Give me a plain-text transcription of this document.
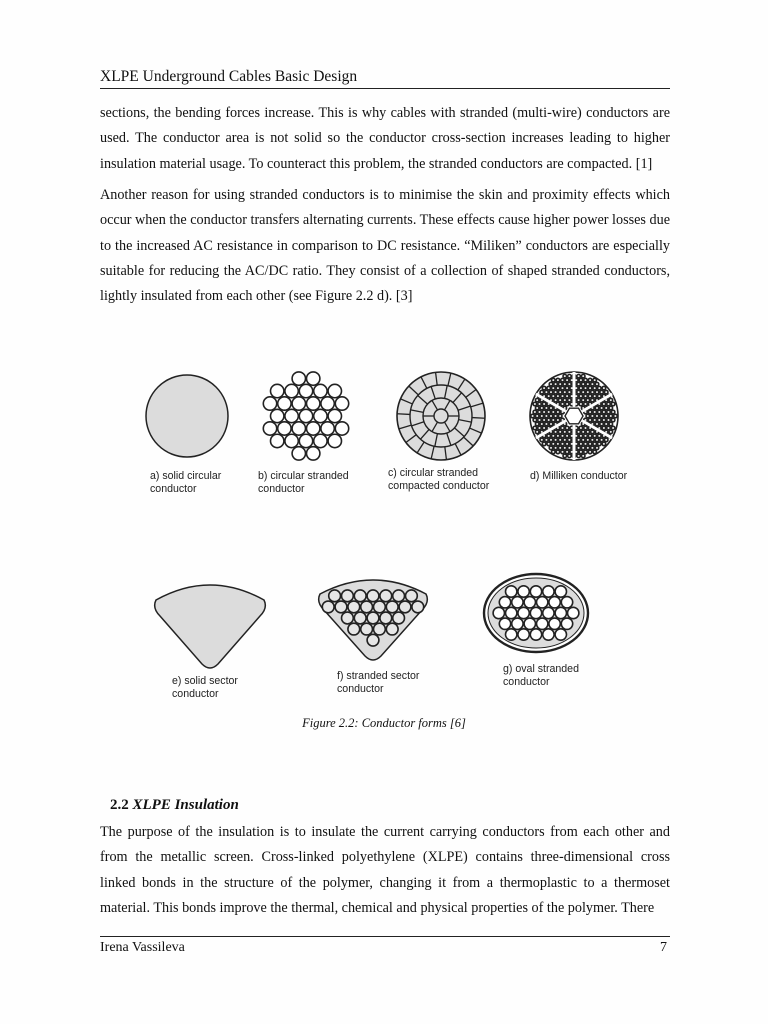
XLPE Underground Cables Basic Design

sections, the bending forces increase. This is why cables with stranded (multi-wire) conductors are used. The conductor area is not solid so the conductor cross-section increases leading to higher insulation material usage. To counteract this problem, the stranded conductors are compacted. [1]

Another reason for using stranded conductors is to minimise the skin and proximity effects which occur when the conductor transfers alternating currents. These effects cause higher power losses due to the increased AC resistance in comparison to DC resistance. “Miliken” conductors are especially suitable for reducing the AC/DC ratio. They consist of a collection of shaped stranded conductors, lightly insulated from each other (see Figure 2.2 d). [3]

a) solid circular
conductor
b) circular stranded
conductor
c) circular stranded
compacted conductor
d) Milliken conductor
e) solid sector
conductor
f) stranded sector
conductor
g) oval stranded
conductor
Figure 2.2: Conductor forms [6]
2.2 XLPE Insulation

The purpose of the insulation is to insulate the current carrying conductors from each other and from the metallic screen. Cross-linked polyethylene (XLPE) contains three-dimensional cross linked bonds in the structure of the polymer, changing it from a thermoplastic to a thermoset material. This bonds improve the thermal, chemical and physical properties of the polymer. There

Irena Vassileva	7
